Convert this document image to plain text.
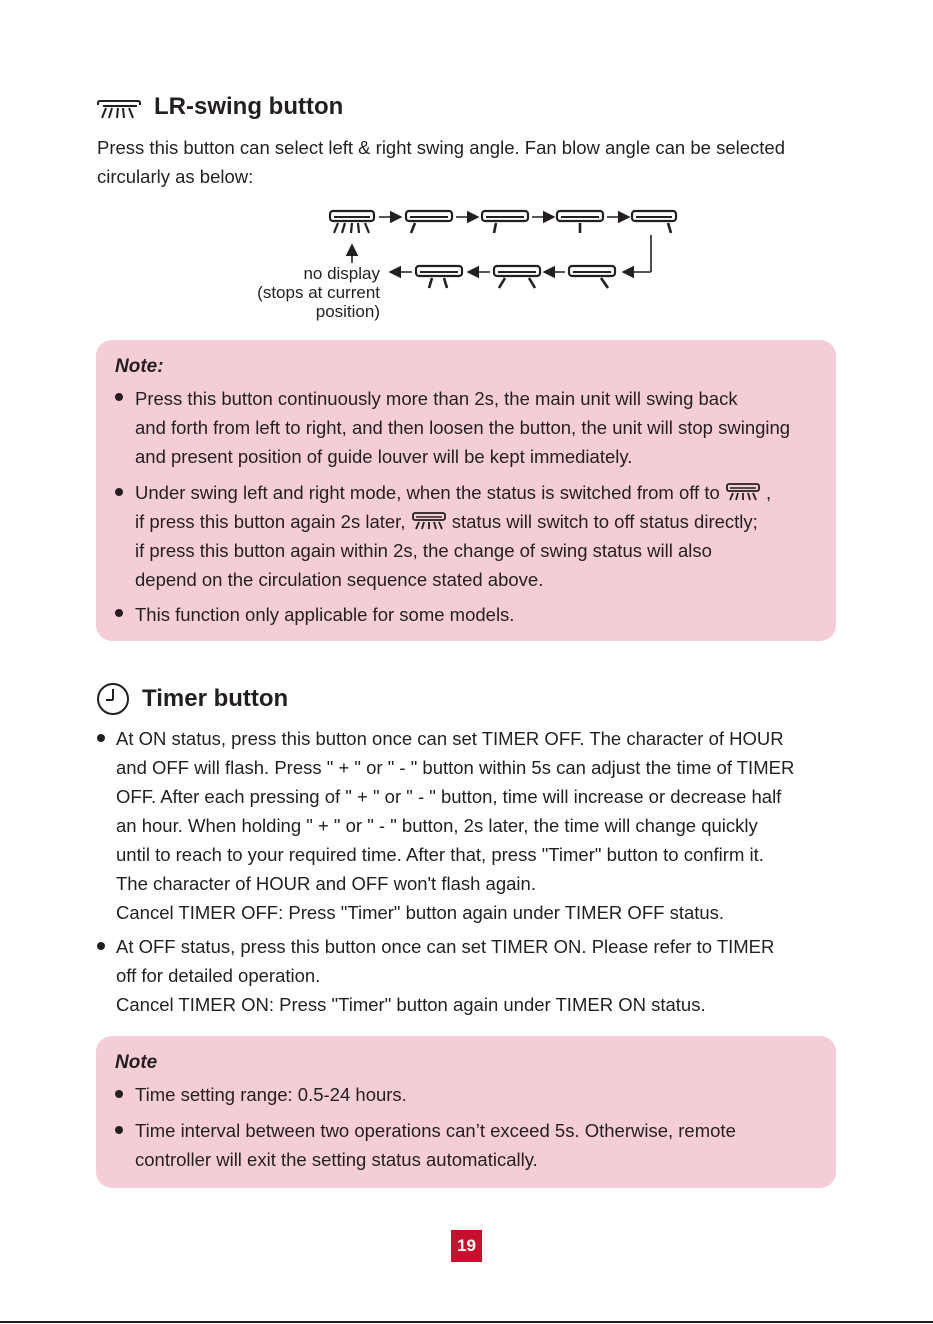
LR-swing button
Press this button can select left & right swing angle. Fan blow angle can be selected
circularly as below:
no display
(stops at current
position)
Note:
Press this button continuously more than 2s, the main unit will swing back
and forth from left to right, and then loosen the button, the unit will stop swinging
and present position of guide louver will be kept immediately.
Under swing left and right mode, when the status is switched from off to	,
if press this button again 2s later,	status will switch to off status directly;
if press this button again within 2s, the change of swing status will also
depend on the circulation sequence stated above.
This function only applicable for some models.
Timer button
At ON status, press this button once can set TIMER OFF. The character of HOUR
and OFF will flash. Press " + " or " - " button within 5s can adjust the time of TIMER
OFF. After each pressing of " + " or " - " button, time will increase or decrease half
an hour. When holding " + " or " - " button, 2s later, the time will change quickly
until to reach to your required time. After that, press "Timer" button to confirm it.
The character of HOUR and OFF won't flash again.
Cancel TIMER OFF: Press "Timer" button again under TIMER OFF status.
At OFF status, press this button once can set TIMER ON. Please refer to TIMER
off for detailed operation.
Cancel TIMER ON: Press "Timer" button again under TIMER ON status.
Note
Time setting range: 0.5-24 hours.
Time interval between two operations can’t exceed 5s. Otherwise, remote
controller will exit the setting status automatically.
19
